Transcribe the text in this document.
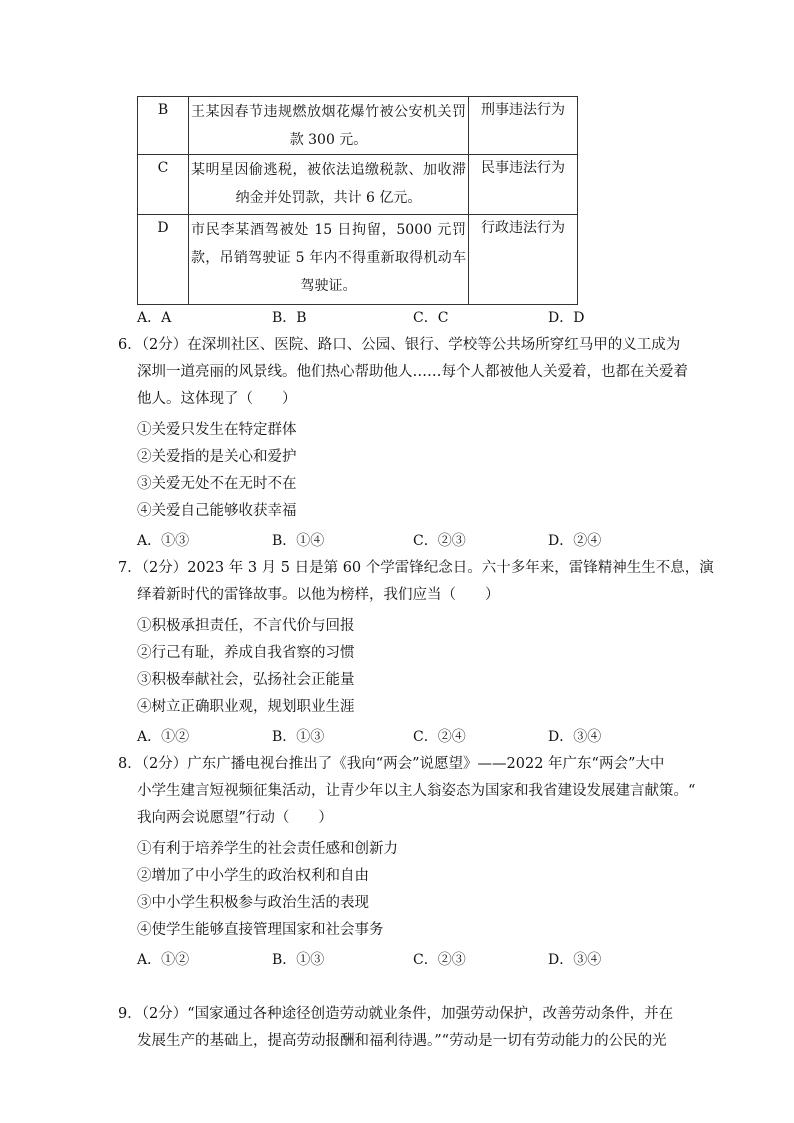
B	王某因春节违规燃放烟花爆竹被公安机关罚款 300 元。	刑事违法行为

C	某明星因偷逃税，被依法追缴税款、加收滞纳金并处罚款，共计 6 亿元。	民事违法行为

D	市民李某酒驾被处 15 日拘留，5000 元罚款，吊销驾驶证 5 年内不得重新取得机动车驾驶证。	行政违法行为
A．A	B．B	C．C	D．D
6．（2分）在深圳社区、医院、路口、公园、银行、学校等公共场所穿红马甲的义工成为
深圳一道亮丽的风景线。他们热心帮助他人……每个人都被他人关爱着，也都在关爱着
他人。这体现了（　　）
①关爱只发生在特定群体
②关爱指的是关心和爱护
③关爱无处不在无时不在
④关爱自己能够收获幸福
A．①③	B．①④	C．②③	D．②④
7．（2分）2023 年 3 月 5 日是第 60 个学雷锋纪念日。六十多年来，雷锋精神生生不息，演
绎着新时代的雷锋故事。以他为榜样，我们应当（　　）
①积极承担责任，不言代价与回报
②行己有耻，养成自我省察的习惯
③积极奉献社会，弘扬社会正能量
④树立正确职业观，规划职业生涯
A．①②	B．①③	C．②④	D．③④
8．（2分）广东广播电视台推出了《我向“两会”说愿望》——2022 年广东“两会”大中
小学生建言短视频征集活动，让青少年以主人翁姿态为国家和我省建设发展建言献策。“
我向两会说愿望”行动（　　）
①有利于培养学生的社会责任感和创新力
②增加了中小学生的政治权利和自由
③中小学生积极参与政治生活的表现
④使学生能够直接管理国家和社会事务
A．①②	B．①③	C．②③	D．③④
9．（2分）“国家通过各种途径创造劳动就业条件，加强劳动保护，改善劳动条件，并在
发展生产的基础上，提高劳动报酬和福利待遇。”“劳动是一切有劳动能力的公民的光
